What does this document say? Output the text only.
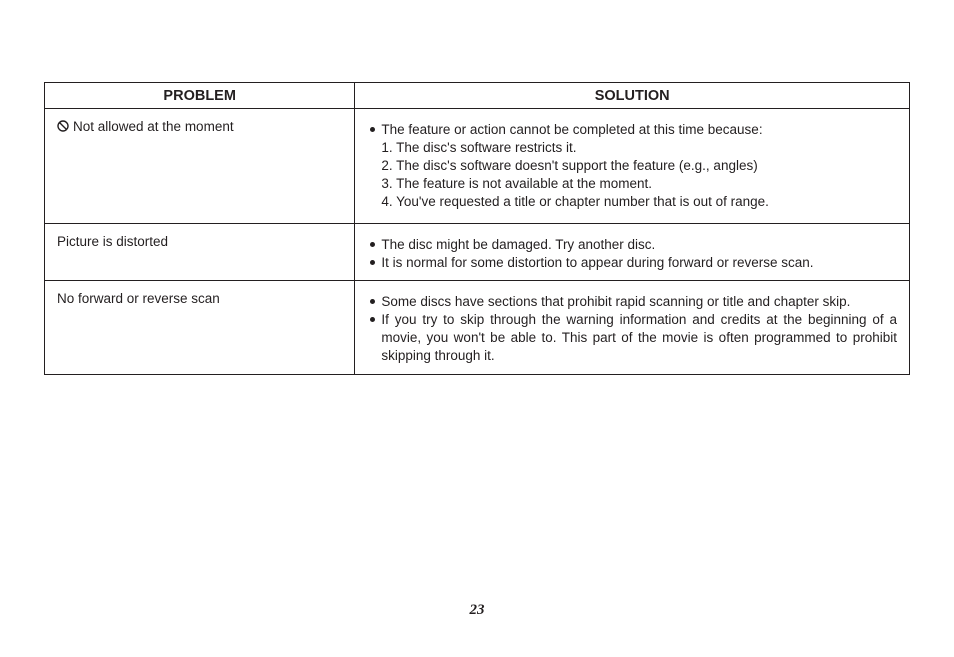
PROBLEM	SOLUTION
Not allowed at the moment	The feature or action cannot be completed at this time because:
1. The disc's software restricts it.
2. The disc's software doesn't support the feature (e.g., angles)
3. The feature is not available at the moment.
4. You've requested a title or chapter number that is out of range.

Picture is distorted	The disc might be damaged. Try another disc.
It is normal for some distortion to appear during forward or reverse scan.

No forward or reverse scan	Some discs have sections that prohibit rapid scanning or title and chapter skip.
If you try to skip through the warning information and credits at the beginning of a movie, you won't be able to. This part of the movie is often programmed to prohibit skipping through it.
23
